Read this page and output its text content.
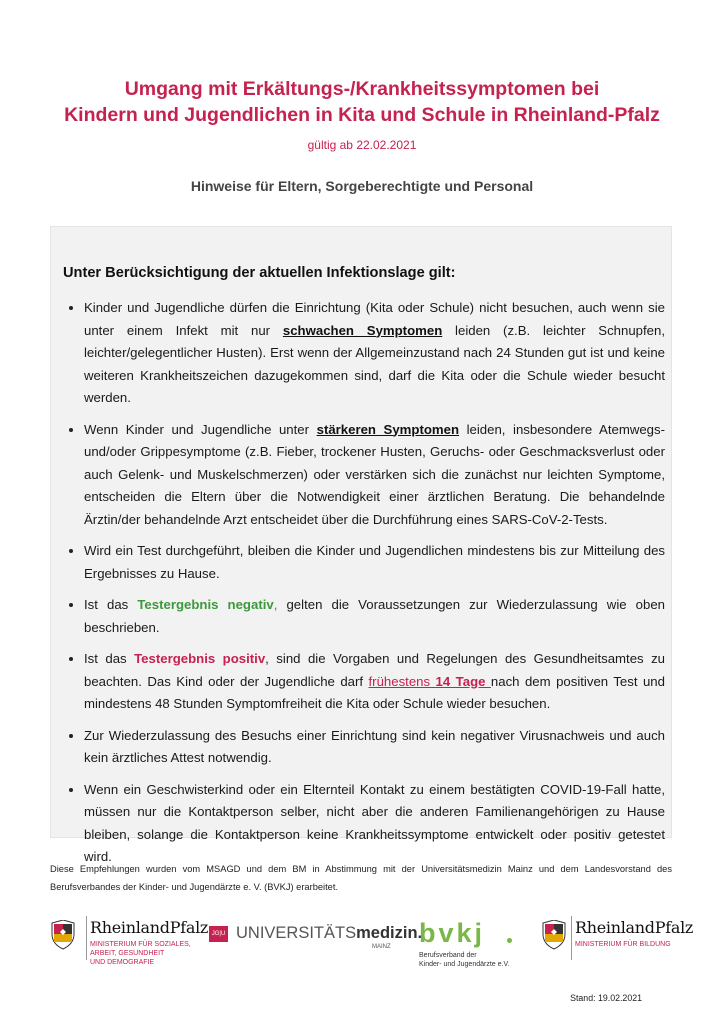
Umgang mit Erkältungs-/Krankheitssymptomen bei
Kindern und Jugendlichen in Kita und Schule in Rheinland-Pfalz
gültig ab 22.02.2021
Hinweise für Eltern, Sorgeberechtigte und Personal
Unter Berücksichtigung der aktuellen Infektionslage gilt:
Kinder und Jugendliche dürfen die Einrichtung (Kita oder Schule) nicht besuchen, auch wenn sie unter einem Infekt mit nur schwachen Symptomen leiden (z.B. leichter Schnupfen, leichter/gelegentlicher Husten). Erst wenn der Allgemeinzustand nach 24 Stunden gut ist und keine weiteren Krankheitszeichen dazugekommen sind, darf die Kita oder die Schule wieder besucht werden.
Wenn Kinder und Jugendliche unter stärkeren Symptomen leiden, insbesondere Atemwegs- und/oder Grippesymptome (z.B. Fieber, trockener Husten, Geruchs- oder Geschmacksverlust oder auch Gelenk- und Muskelschmerzen) oder verstärken sich die zunächst nur leichten Symptome, entscheiden die Eltern über die Notwendigkeit einer ärztlichen Beratung. Die behandelnde Ärztin/der behandelnde Arzt entscheidet über die Durchführung eines SARS-CoV-2-Tests.
Wird ein Test durchgeführt, bleiben die Kinder und Jugendlichen mindestens bis zur Mitteilung des Ergebnisses zu Hause.
Ist das Testergebnis negativ, gelten die Voraussetzungen zur Wiederzulassung wie oben beschrieben.
Ist das Testergebnis positiv, sind die Vorgaben und Regelungen des Gesundheitsamtes zu beachten. Das Kind oder der Jugendliche darf frühestens 14 Tage nach dem positiven Test und mindestens 48 Stunden Symptomfreiheit die Kita oder Schule wieder besuchen.
Zur Wiederzulassung des Besuchs einer Einrichtung sind kein negativer Virusnachweis und auch kein ärztliches Attest notwendig.
Wenn ein Geschwisterkind oder ein Elternteil Kontakt zu einem bestätigten COVID-19-Fall hatte, müssen nur die Kontaktperson selber, nicht aber die anderen Familienangehörigen zu Hause bleiben, solange die Kontaktperson keine Krankheitssymptome entwickelt oder positiv getestet wird.
Diese Empfehlungen wurden vom MSAGD und dem BM in Abstimmung mit der Universitätsmedizin Mainz und dem Landesvorstand des Berufsverbandes der Kinder- und Jugendärzte e. V. (BVKJ) erarbeitet.
RheinlandPfalz
MINISTERIUM FÜR SOZIALES,
ARBEIT, GESUNDHEIT
UND DEMOGRAFIE
JG|U UNIVERSITÄTSmedizin.
MAINZ bvkj
Berufsverband der
Kinder- und Jugendärzte e.V.
RheinlandPfalz
MINISTERIUM FÜR BILDUNG
Stand: 19.02.2021
